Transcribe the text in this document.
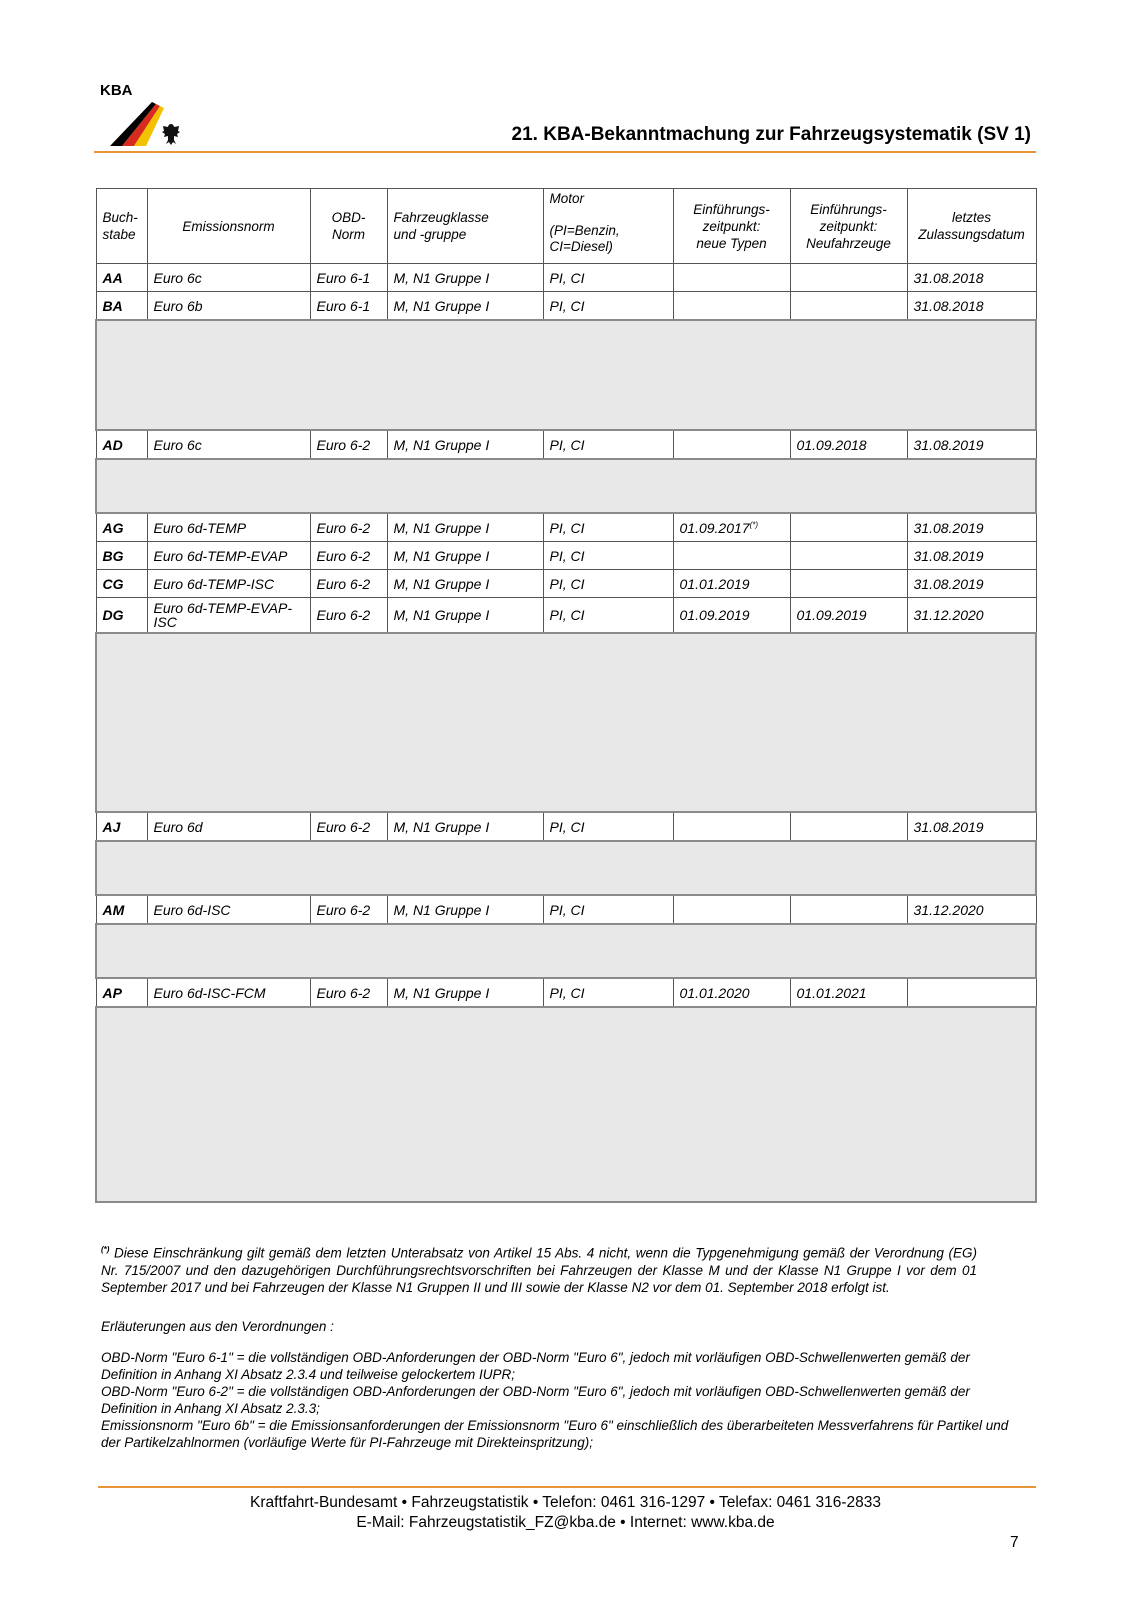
KBA
21. KBA-Bekanntmachung zur Fahrzeugsystematik (SV 1)
Buch-
stabe	Emissionsnorm	OBD-
Norm	Fahrzeugklasse
und -gruppe	Motor

(PI=Benzin,
CI=Diesel)	Einführungs-
zeitpunkt:
neue Typen	Einführungs-
zeitpunkt:
Neufahrzeuge	letztes
Zulassungsdatum
AA	Euro 6c	Euro 6-1	M, N1 Gruppe I	PI, CI			31.08.2018
BA	Euro 6b	Euro 6-1	M, N1 Gruppe I	PI, CI			31.08.2018

AD	Euro 6c	Euro 6-2	M, N1 Gruppe I	PI, CI		01.09.2018	31.08.2019

AG	Euro 6d-TEMP	Euro 6-2	M, N1 Gruppe I	PI, CI	01.09.2017(*)		31.08.2019
BG	Euro 6d-TEMP-EVAP	Euro 6-2	M, N1 Gruppe I	PI, CI			31.08.2019
CG	Euro 6d-TEMP-ISC	Euro 6-2	M, N1 Gruppe I	PI, CI	01.01.2019		31.08.2019
DG	Euro 6d-TEMP-EVAP-
ISC	Euro 6-2	M, N1 Gruppe I	PI, CI	01.09.2019	01.09.2019	31.12.2020

AJ	Euro 6d	Euro 6-2	M, N1 Gruppe I	PI, CI			31.08.2019

AM	Euro 6d-ISC	Euro 6-2	M, N1 Gruppe I	PI, CI			31.12.2020

AP	Euro 6d-ISC-FCM	Euro 6-2	M, N1 Gruppe I	PI, CI	01.01.2020	01.01.2021	

(*) Diese Einschränkung gilt gemäß dem letzten Unterabsatz von Artikel 15 Abs. 4 nicht, wenn die Typgenehmigung gemäß der Verordnung (EG) Nr. 715/2007 und den dazugehörigen Durchführungsrechtsvorschriften bei Fahrzeugen der Klasse M und der Klasse N1 Gruppe I vor dem 01 September 2017 und bei Fahrzeugen der Klasse N1 Gruppen II und III sowie der Klasse N2 vor dem 01. September 2018 erfolgt ist.
Erläuterungen aus den Verordnungen :

OBD-Norm "Euro 6-1" = die vollständigen OBD-Anforderungen der OBD-Norm "Euro 6", jedoch mit vorläufigen OBD-Schwellenwerten gemäß der Definition in Anhang XI Absatz 2.3.4 und teilweise gelockertem IUPR;

OBD-Norm "Euro 6-2" = die vollständigen OBD-Anforderungen der OBD-Norm "Euro 6", jedoch mit vorläufigen OBD-Schwellenwerten gemäß der Definition in Anhang XI Absatz 2.3.3;

Emissionsnorm "Euro 6b" = die Emissionsanforderungen der Emissionsnorm "Euro 6" einschließlich des überarbeiteten Messverfahrens für Partikel und der Partikelzahlnormen (vorläufige Werte für PI-Fahrzeuge mit Direkteinspritzung);

Kraftfahrt-Bundesamt • Fahrzeugstatistik • Telefon: 0461 316-1297 • Telefax: 0461 316-2833
E-Mail: Fahrzeugstatistik_FZ@kba.de • Internet: www.kba.de
7
